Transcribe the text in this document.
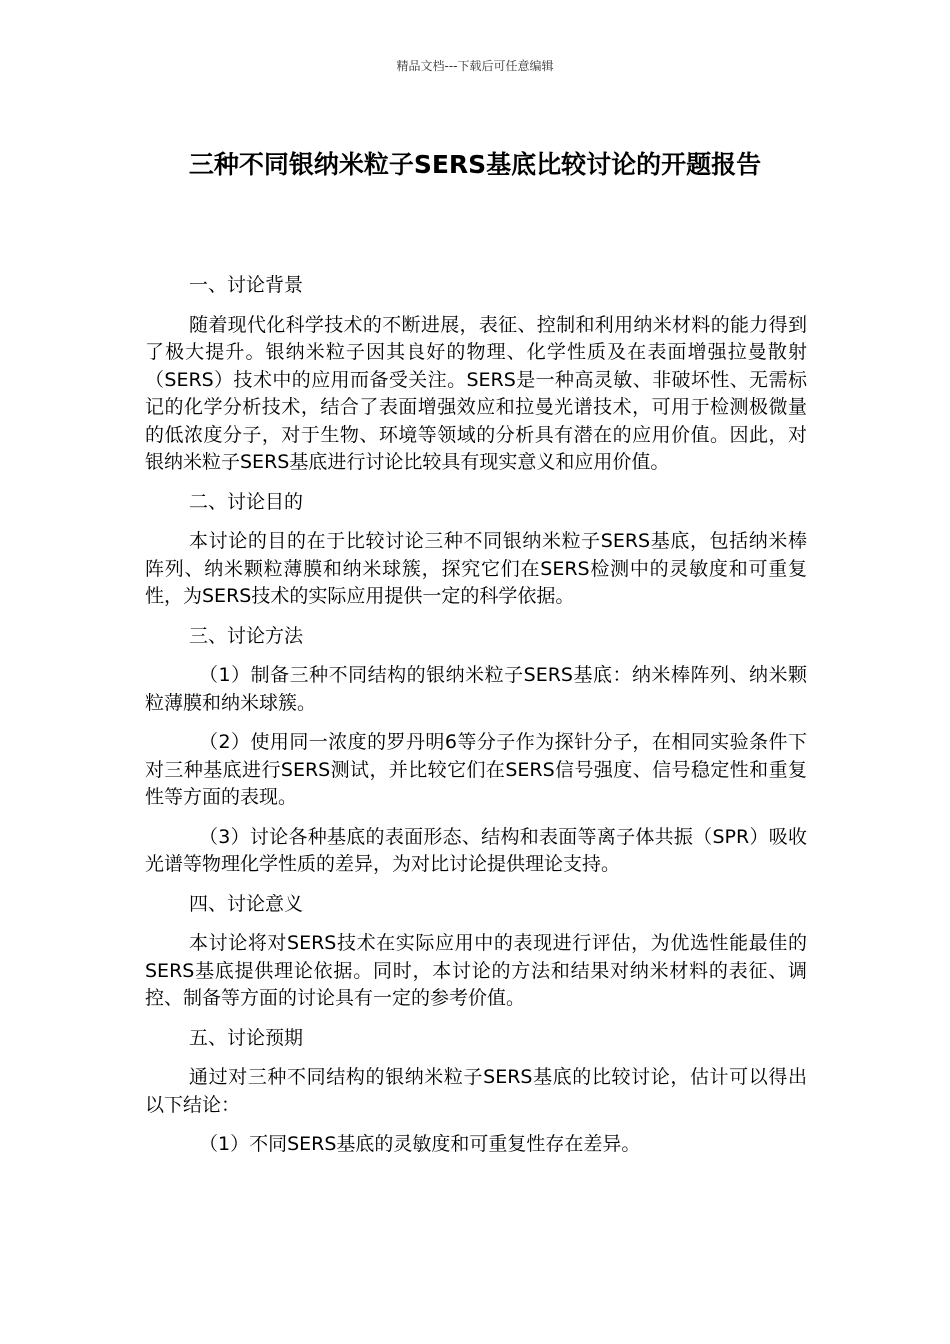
精品文档---下载后可任意编辑
三种不同银纳米粒子SERS基底比较讨论的开题报告

一、讨论背景

随着现代化科学技术的不断进展，表征、控制和利用纳米材料的能力得到了极大提升。银纳米粒子因其良好的物理、化学性质及在表面增强拉曼散射（SERS）技术中的应用而备受关注。SERS是一种高灵敏、非破坏性、无需标记的化学分析技术，结合了表面增强效应和拉曼光谱技术，可用于检测极微量的低浓度分子，对于生物、环境等领域的分析具有潜在的应用价值。因此，对银纳米粒子SERS基底进行讨论比较具有现实意义和应用价值。

二、讨论目的

本讨论的目的在于比较讨论三种不同银纳米粒子SERS基底，包括纳米棒阵列、纳米颗粒薄膜和纳米球簇，探究它们在SERS检测中的灵敏度和可重复性，为SERS技术的实际应用提供一定的科学依据。

三、讨论方法

（1）制备三种不同结构的银纳米粒子SERS基底：纳米棒阵列、纳米颗粒薄膜和纳米球簇。

（2）使用同一浓度的罗丹明6等分子作为探针分子，在相同实验条件下对三种基底进行SERS测试，并比较它们在SERS信号强度、信号稳定性和重复性等方面的表现。

（3）讨论各种基底的表面形态、结构和表面等离子体共振（SPR）吸收光谱等物理化学性质的差异，为对比讨论提供理论支持。

四、讨论意义

本讨论将对SERS技术在实际应用中的表现进行评估，为优选性能最佳的SERS基底提供理论依据。同时，本讨论的方法和结果对纳米材料的表征、调控、制备等方面的讨论具有一定的参考价值。

五、讨论预期

通过对三种不同结构的银纳米粒子SERS基底的比较讨论，估计可以得出以下结论：

（1）不同SERS基底的灵敏度和可重复性存在差异。
